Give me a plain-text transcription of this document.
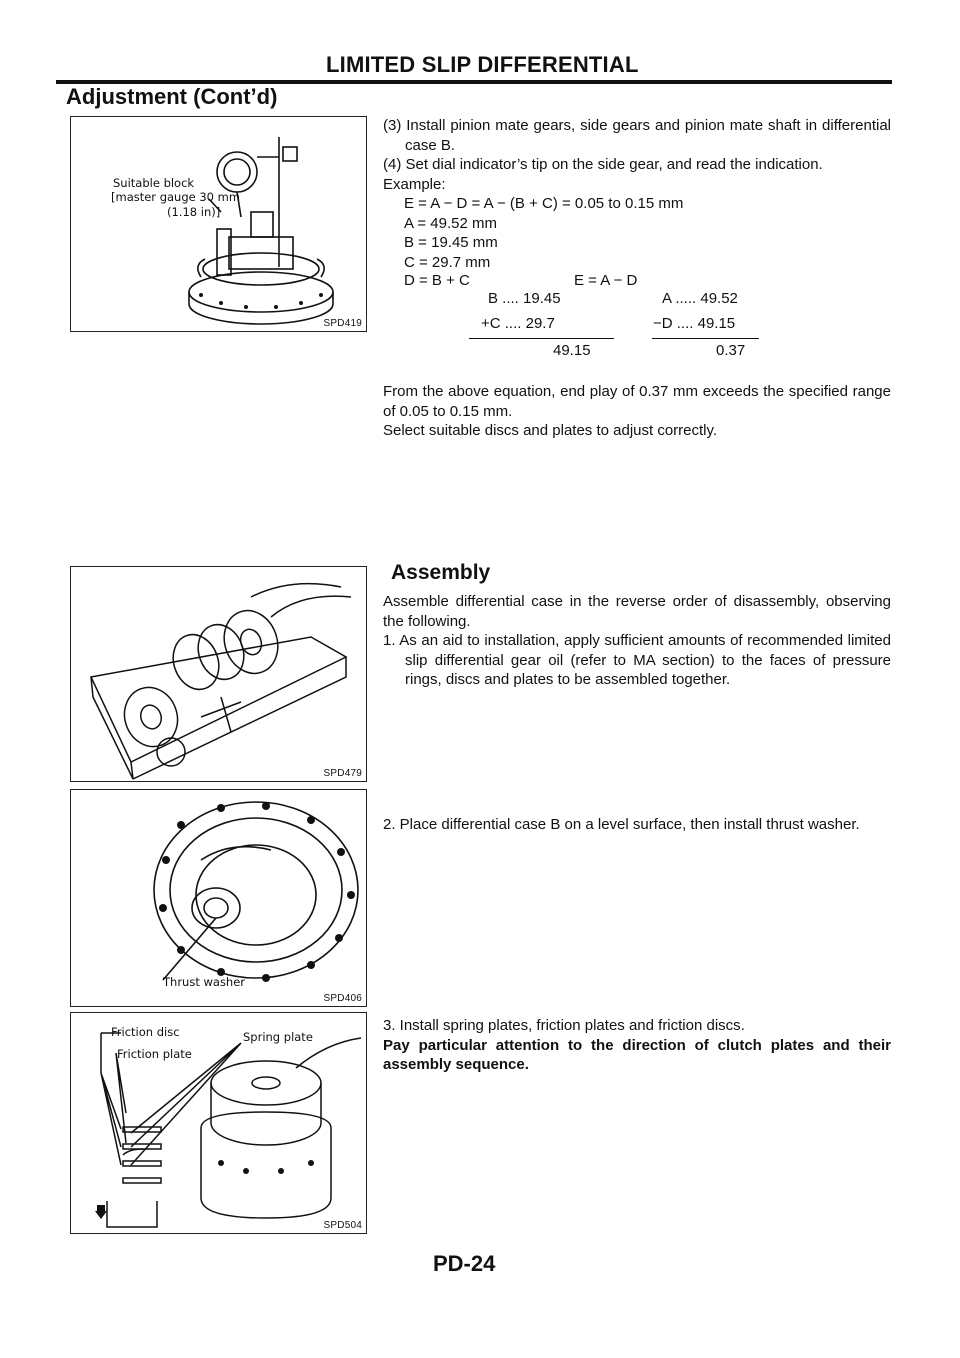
LIMITED SLIP DIFFERENTIAL
Adjustment (Cont’d)
Suitable block
[master gauge 30 mm
(1.18 in)]
SPD419

(3) Install pinion mate gears, side gears and pinion mate shaft in differential case B.

(4) Set dial indicator’s tip on the side gear, and read the indication.

Example:

E = A − D = A − (B + C) = 0.05 to 0.15 mm

A = 49.52 mm

B = 19.45 mm

C = 29.7 mm

D = B + C	E = A − D
B .... 19.45
+C .... 29.7
49.15
A ..... 49.52
−D .... 49.15
0.37

From the above equation, end play of 0.37 mm exceeds the specified range of 0.05 to 0.15 mm.

Select suitable discs and plates to adjust correctly.

SPD479
Assembly

Assemble differential case in the reverse order of disassembly, observing the following.

1. As an aid to installation, apply sufficient amounts of recommended limited slip differential gear oil (refer to MA section) to the faces of pressure rings, discs and plates to be assembled together.

Thrust washer
SPD406

2. Place differential case B on a level surface, then install thrust washer.

Friction disc
Friction plate
Spring plate
SPD504

3. Install spring plates, friction plates and friction discs.

Pay particular attention to the direction of clutch plates and their assembly sequence.

PD-24
